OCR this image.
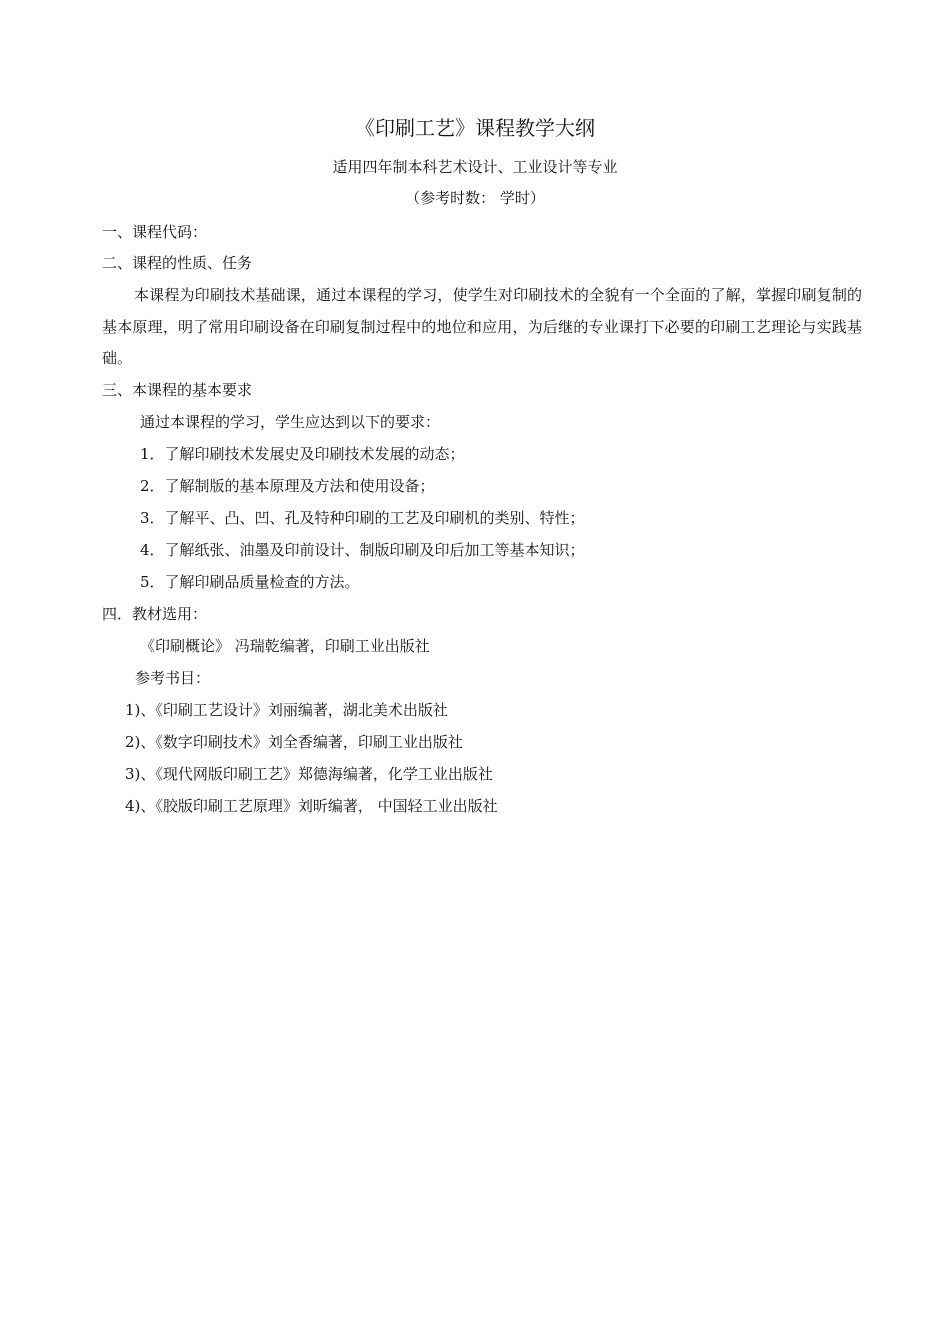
《印刷工艺》课程教学大纲
适用四年制本科艺术设计、工业设计等专业
（参考时数： 学时）
一、课程代码：
二、课程的性质、任务
本课程为印刷技术基础课，通过本课程的学习，使学生对印刷技术的全貌有一个全面的了解，掌握印刷复制的基本原理，明了常用印刷设备在印刷复制过程中的地位和应用，为后继的专业课打下必要的印刷工艺理论与实践基础。
三、本课程的基本要求
通过本课程的学习，学生应达到以下的要求：
1．了解印刷技术发展史及印刷技术发展的动态；
2．了解制版的基本原理及方法和使用设备；
3．了解平、凸、凹、孔及特种印刷的工艺及印刷机的类别、特性；
4．了解纸张、油墨及印前设计、制版印刷及印后加工等基本知识；
5．了解印刷品质量检查的方法。
四．教材选用：
《印刷概论》 冯瑞乾编著，印刷工业出版社
参考书目：
1)、《印刷工艺设计》刘丽编著，湖北美术出版社
2)、《数字印刷技术》刘全香编著，印刷工业出版社
3)、《现代网版印刷工艺》郑德海编著，化学工业出版社
4)、《胶版印刷工艺原理》刘昕编著， 中国轻工业出版社
